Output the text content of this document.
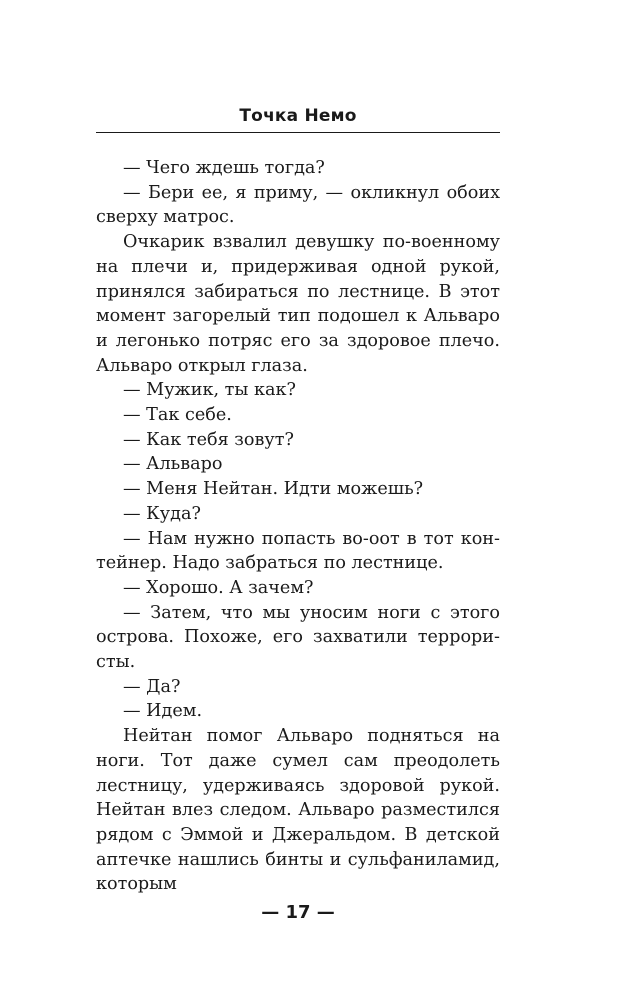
Точка Немо

— Чего ждешь тогда?

— Бери ее, я приму, — окликнул обоих сверху матрос.

Очкарик взвалил девушку по-военному на плечи и, придерживая одной рукой, принялся забираться по лестнице. В этот момент загорелый тип подошел к Альваро и легонько потряс его за здоровое плечо. Альваро открыл глаза.

— Мужик, ты как?

— Так себе.

— Как тебя зовут?

— Альваро

— Меня Нейтан. Идти можешь?

— Куда?

— Нам нужно попасть во-оот в тот контейнер. Надо забраться по лестнице.

— Хорошо. А зачем?

— Затем, что мы уносим ноги с этого острова. Похоже, его захватили террористы.

— Да?

— Идем.

Нейтан помог Альваро подняться на ноги. Тот даже сумел сам преодолеть лестницу, удерживаясь здоровой рукой. Нейтан влез следом. Альваро разместился рядом с Эммой и Джеральдом. В детской аптечке нашлись бинты и сульфаниламид, которым

— 17 —
